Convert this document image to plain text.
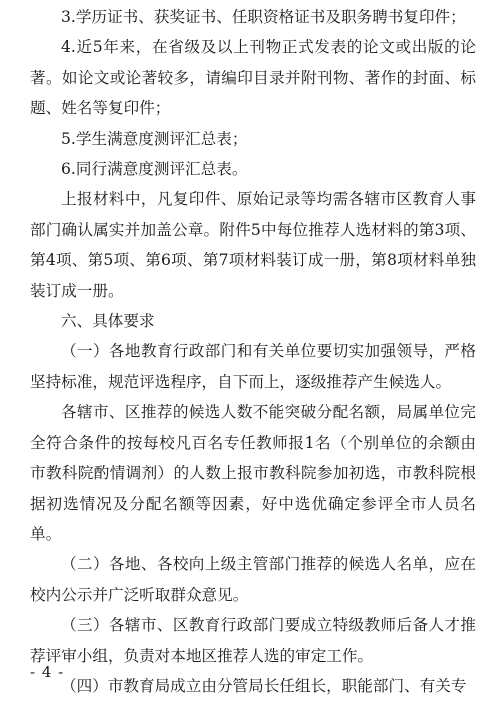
3.学历证书、获奖证书、任职资格证书及职务聘书复印件；

4.近5年来，在省级及以上刊物正式发表的论文或出版的论著。如论文或论著较多，请编印目录并附刊物、著作的封面、标题、姓名等复印件；

5.学生满意度测评汇总表；

6.同行满意度测评汇总表。

上报材料中，凡复印件、原始记录等均需各辖市区教育人事部门确认属实并加盖公章。附件5中每位推荐人选材料的第3项、第4项、第5项、第6项、第7项材料装订成一册，第8项材料单独装订成一册。

六、具体要求

（一）各地教育行政部门和有关单位要切实加强领导，严格坚持标准，规范评选程序，自下而上，逐级推荐产生候选人。

各辖市、区推荐的候选人数不能突破分配名额，局属单位完全符合条件的按每校凡百名专任教师报1名（个别单位的余额由市教科院酌情调剂）的人数上报市教科院参加初选，市教科院根据初选情况及分配名额等因素，好中选优确定参评全市人员名单。

（二）各地、各校向上级主管部门推荐的候选人名单，应在校内公示并广泛听取群众意见。

（三）各辖市、区教育行政部门要成立特级教师后备人才推荐评审小组，负责对本地区推荐人选的审定工作。

（四）市教育局成立由分管局长任组长，职能部门、有关专

- 4 -
